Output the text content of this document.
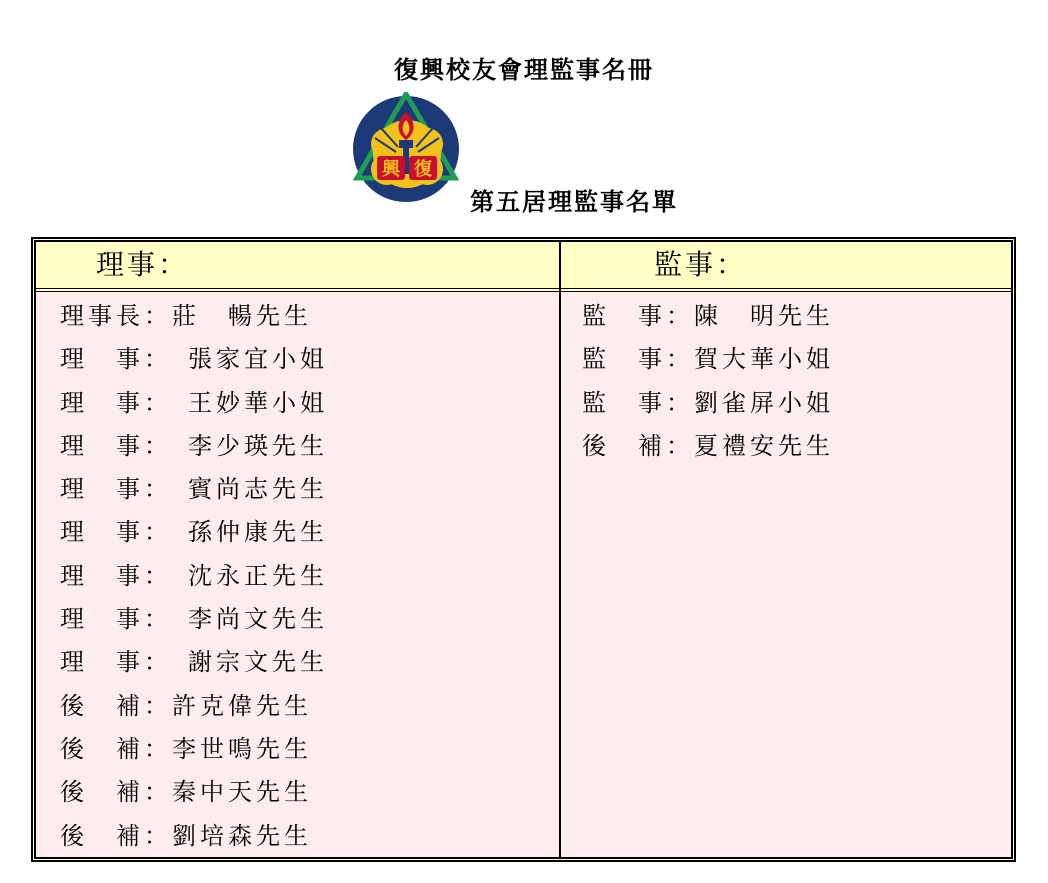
復興校友會理監事名冊
興 復
第五居理監事名單
理事：
理事長：莊　暢先生
理　事：　張家宜小姐
理　事：　王妙華小姐
理　事：　李少瑛先生
理　事：　賓尚志先生
理　事：　孫仲康先生
理　事：　沈永正先生
理　事：　李尚文先生
理　事：　謝宗文先生
後　補：許克偉先生
後　補：李世鳴先生
後　補：秦中天先生
後　補：劉培森先生
監事：
監　事：陳　明先生
監　事：賀大華小姐
監　事：劉雀屏小姐
後　補：夏禮安先生
